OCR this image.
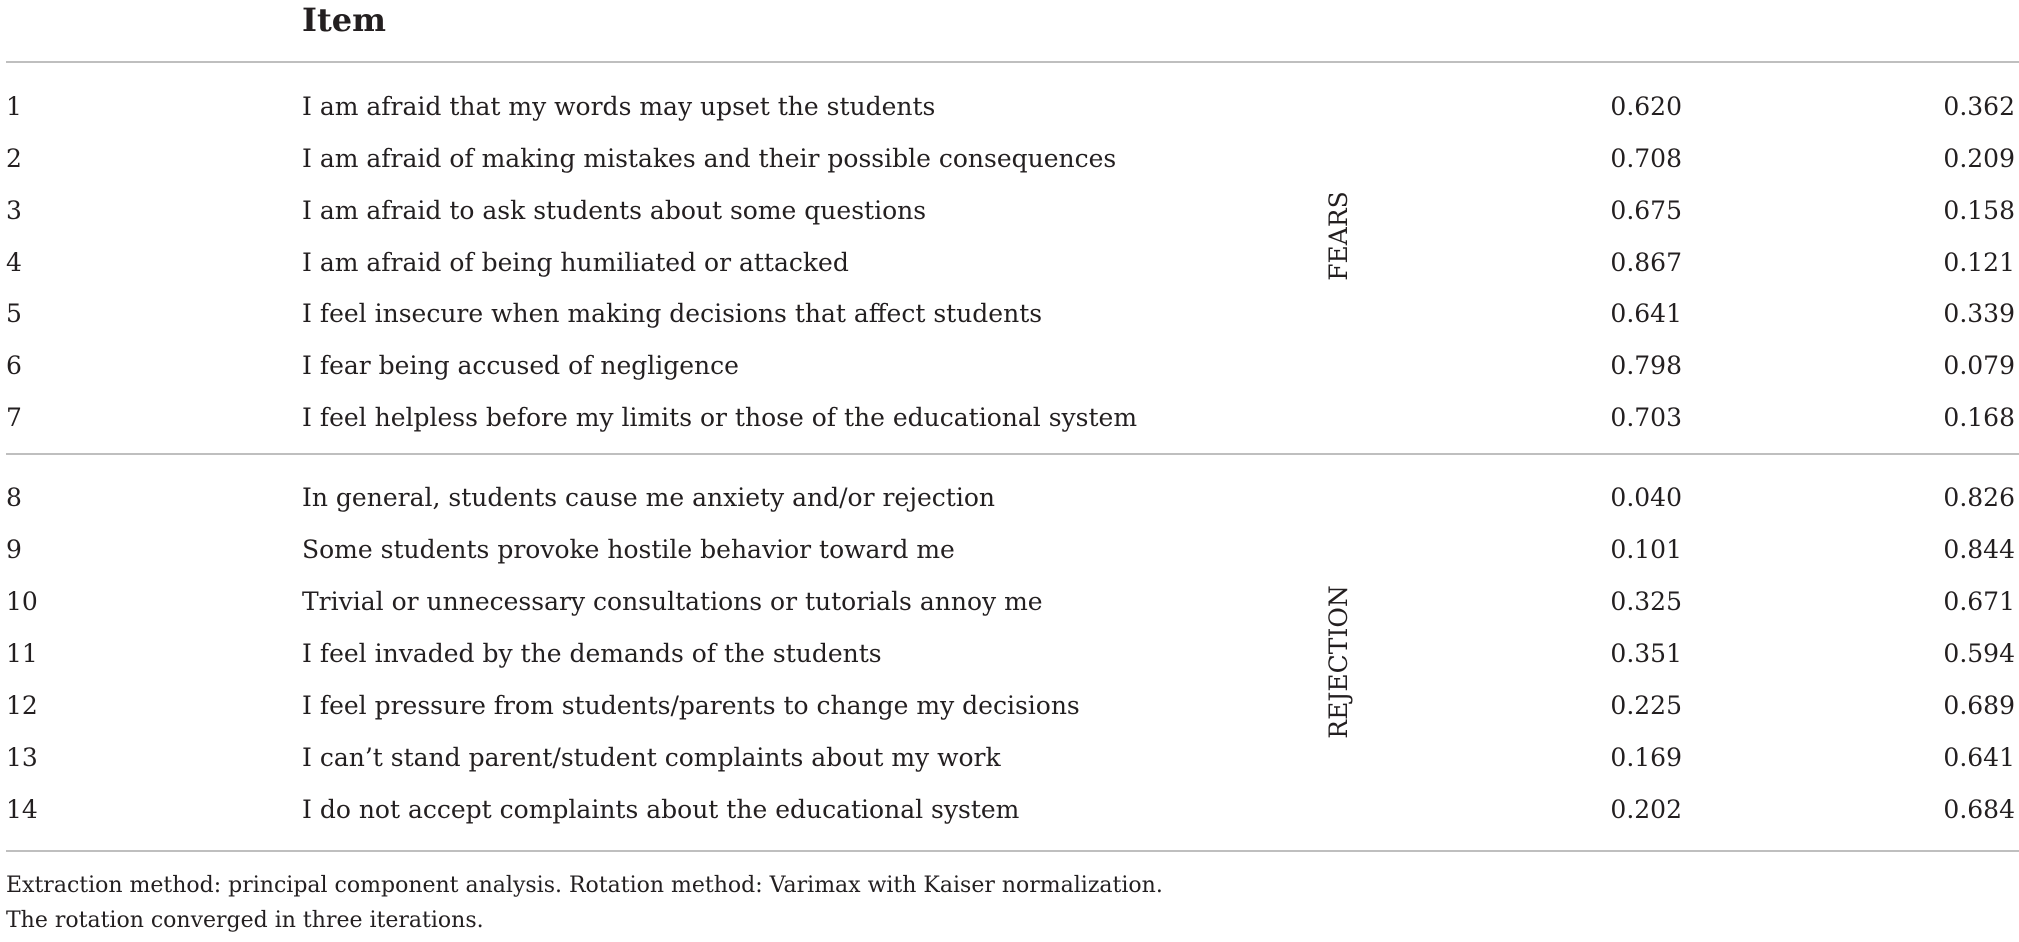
Item
FEARS
1	I am afraid that my words may upset the students	0.620	0.362
2	I am afraid of making mistakes and their possible consequences	0.708	0.209
3	I am afraid to ask students about some questions	0.675	0.158
4	I am afraid of being humiliated or attacked	0.867	0.121
5	I feel insecure when making decisions that affect students	0.641	0.339
6	I fear being accused of negligence	0.798	0.079
7	I feel helpless before my limits or those of the educational system	0.703	0.168
REJECTION
8	In general, students cause me anxiety and/or rejection	0.040	0.826
9	Some students provoke hostile behavior toward me	0.101	0.844
10	Trivial or unnecessary consultations or tutorials annoy me	0.325	0.671
11	I feel invaded by the demands of the students	0.351	0.594
12	I feel pressure from students/parents to change my decisions	0.225	0.689
13	I can’t stand parent/student complaints about my work	0.169	0.641
14	I do not accept complaints about the educational system	0.202	0.684
Extraction method: principal component analysis. Rotation method: Varimax with Kaiser normalization.
The rotation converged in three iterations.
